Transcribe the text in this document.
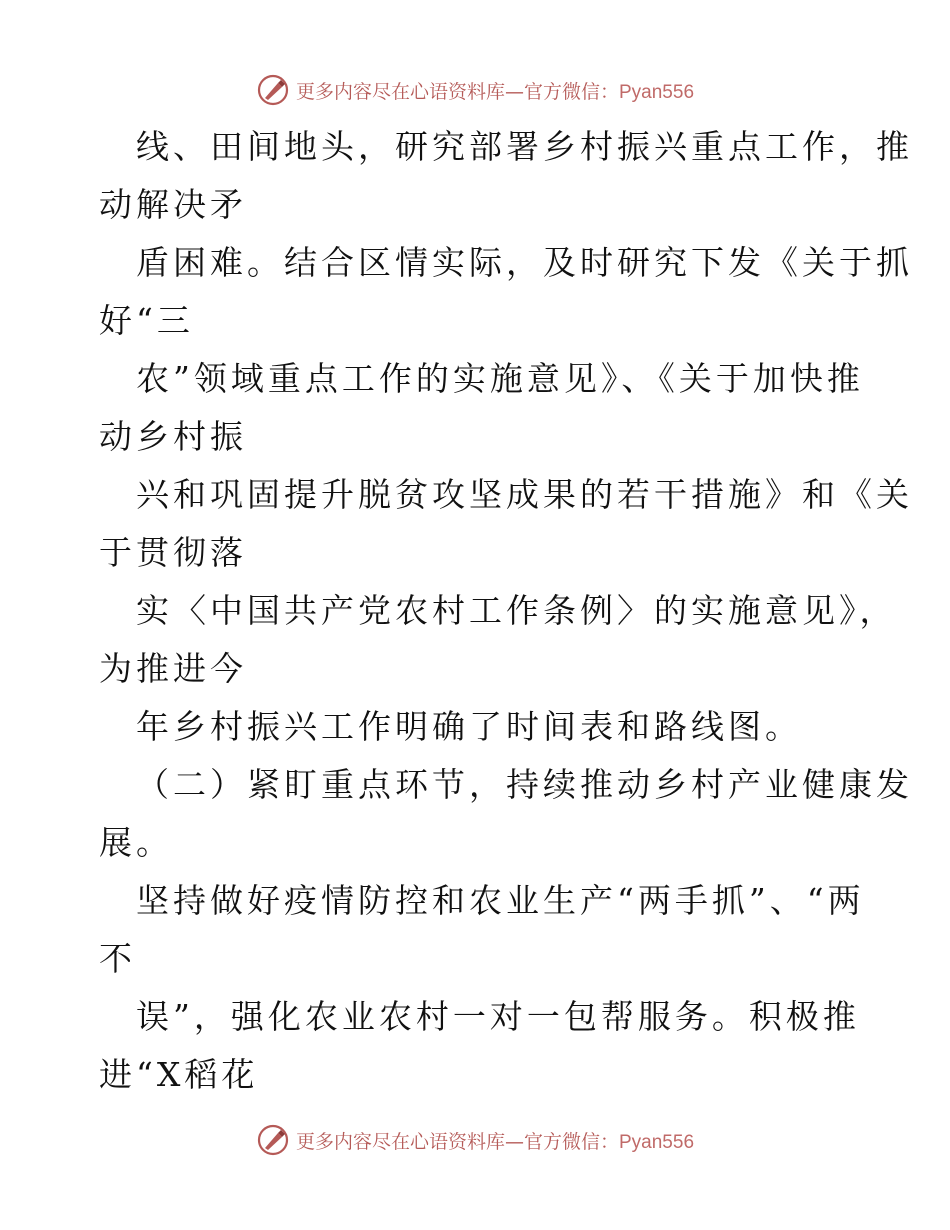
更多内容尽在心语资料库—官方微信：Pyan556
线、田间地头，研究部署乡村振兴重点工作，推
动解决矛
盾困难。结合区情实际，及时研究下发《关于抓
好“三
农”领域重点工作的实施意见》、《关于加快推
动乡村振
兴和巩固提升脱贫攻坚成果的若干措施》和《关
于贯彻落
实〈中国共产党农村工作条例〉的实施意见》，
为推进今
年乡村振兴工作明确了时间表和路线图。
（二）紧盯重点环节，持续推动乡村产业健康发
展。
坚持做好疫情防控和农业生产“两手抓”、“两
不
误”，强化农业农村一对一包帮服务。积极推
进“X稻花
更多内容尽在心语资料库—官方微信：Pyan556
